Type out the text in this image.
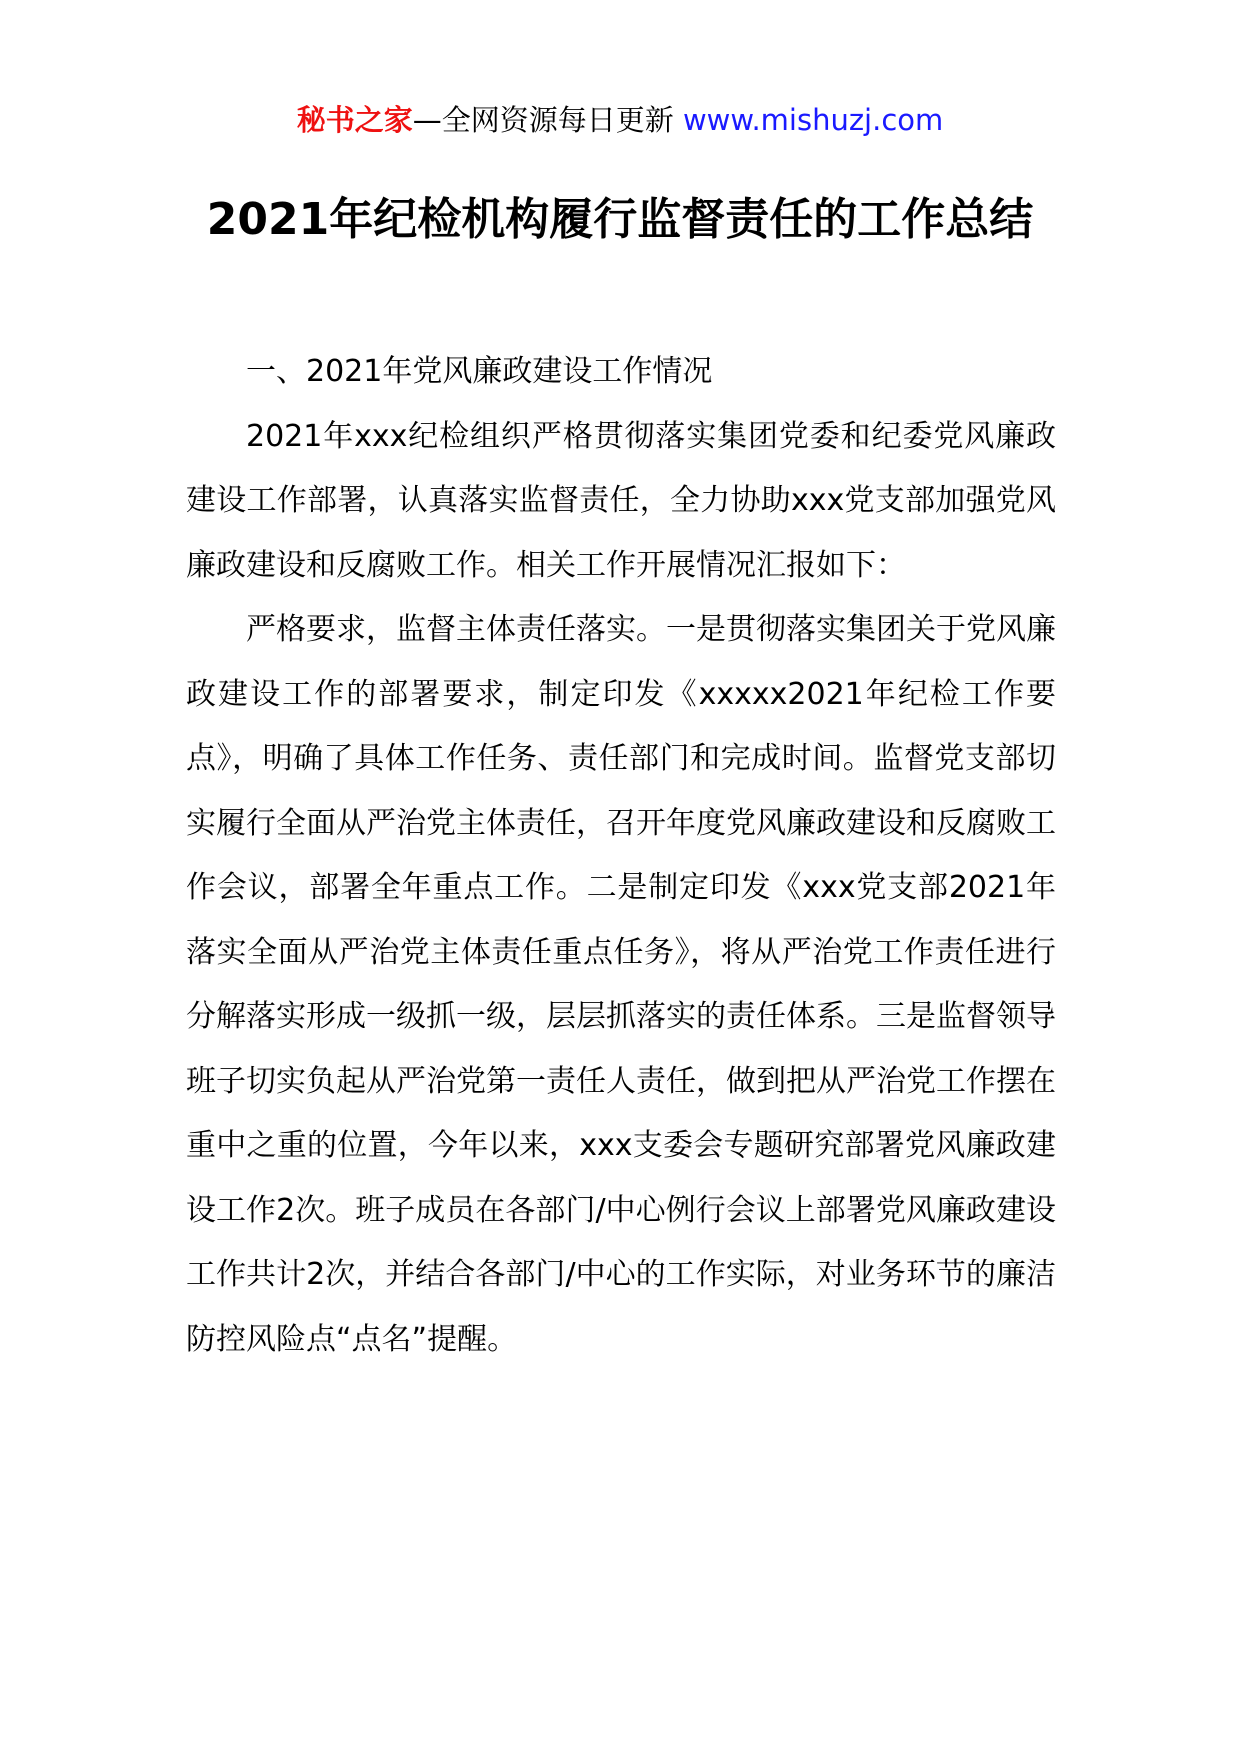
秘书之家—全网资源每日更新 www.mishuzj.com
2021年纪检机构履行监督责任的工作总结

一、2021年党风廉政建设工作情况

2021年xxx纪检组织严格贯彻落实集团党委和纪委党风廉政建设工作部署，认真落实监督责任，全力协助xxx党支部加强党风廉政建设和反腐败工作。相关工作开展情况汇报如下：

严格要求，监督主体责任落实。一是贯彻落实集团关于党风廉政建设工作的部署要求，制定印发《xxxxx2021年纪检工作要点》，明确了具体工作任务、责任部门和完成时间。监督党支部切实履行全面从严治党主体责任，召开年度党风廉政建设和反腐败工作会议，部署全年重点工作。二是制定印发《xxx党支部2021年落实全面从严治党主体责任重点任务》，将从严治党工作责任进行分解落实形成一级抓一级，层层抓落实的责任体系。三是监督领导班子切实负起从严治党第一责任人责任，做到把从严治党工作摆在重中之重的位置，今年以来，xxx支委会专题研究部署党风廉政建设工作2次。班子成员在各部门/中心例行会议上部署党风廉政建设工作共计2次，并结合各部门/中心的工作实际，对业务环节的廉洁防控风险点“点名”提醒。
